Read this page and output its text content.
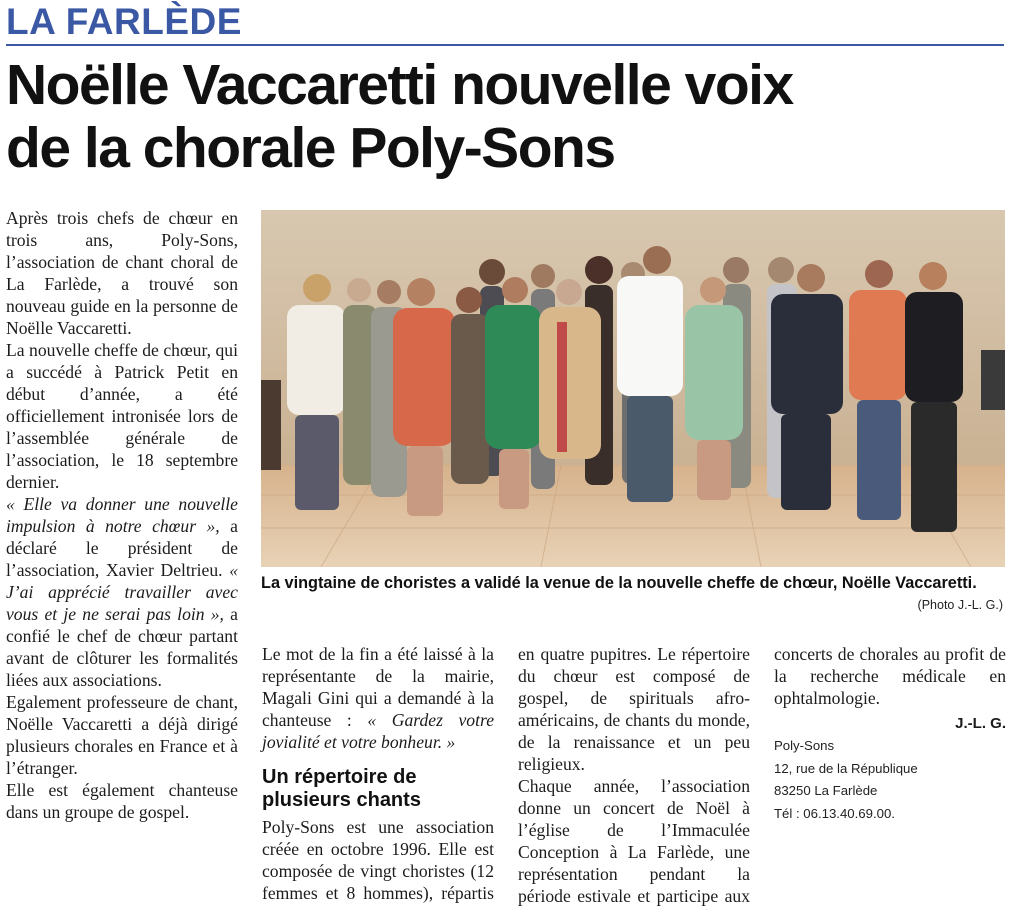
LA FARLÈDE
Noëlle Vaccaretti nouvelle voix
de la chorale Poly-Sons

Après trois chefs de chœur en trois ans, Poly-Sons, l’association de chant choral de La Farlède, a trouvé son nouveau guide en la personne de Noëlle Vaccaretti.

La nouvelle cheffe de chœur, qui a succédé à Patrick Petit en début d’année, a été officiellement intronisée lors de l’assemblée générale de l’association, le 18 septembre dernier.

« Elle va donner une nouvelle impulsion à notre chœur », a déclaré le président de l’association, Xavier Deltrieu. « J’ai apprécié travailler avec vous et je ne serai pas loin », a confié le chef de chœur partant avant de clôturer les formalités liées aux associations.

Egalement professeure de chant, Noëlle Vaccaretti a déjà dirigé plusieurs chorales en France et à l’étranger.

Elle est également chanteuse dans un groupe de gospel.

La vingtaine de choristes a validé la venue de la nouvelle cheffe de chœur, Noëlle Vaccaretti.
(Photo J.-L. G.)

Le mot de la fin a été laissé à la représentante de la mairie, Magali Gini qui a demandé à la chanteuse : « Gardez votre jovialité et votre bonheur. »

Un répertoire de plusieurs chants

Poly-Sons est une association créée en octobre 1996. Elle est composée de vingt choristes (12 femmes et 8 hommes), répartis en quatre pupitres. Le répertoire du chœur est composé de gospel, de spirituals afro-américains, de chants du monde, de la renaissance et un peu religieux.

Chaque année, l’association donne un concert de Noël à l’église de l’Immaculée Conception à La Farlède, une représentation pendant la période estivale et participe aux concerts de chorales au profit de la recherche médicale en ophtalmologie.

J.-L. G.
Poly-Sons
12, rue de la République
83250 La Farlède
Tél : 06.13.40.69.00.
